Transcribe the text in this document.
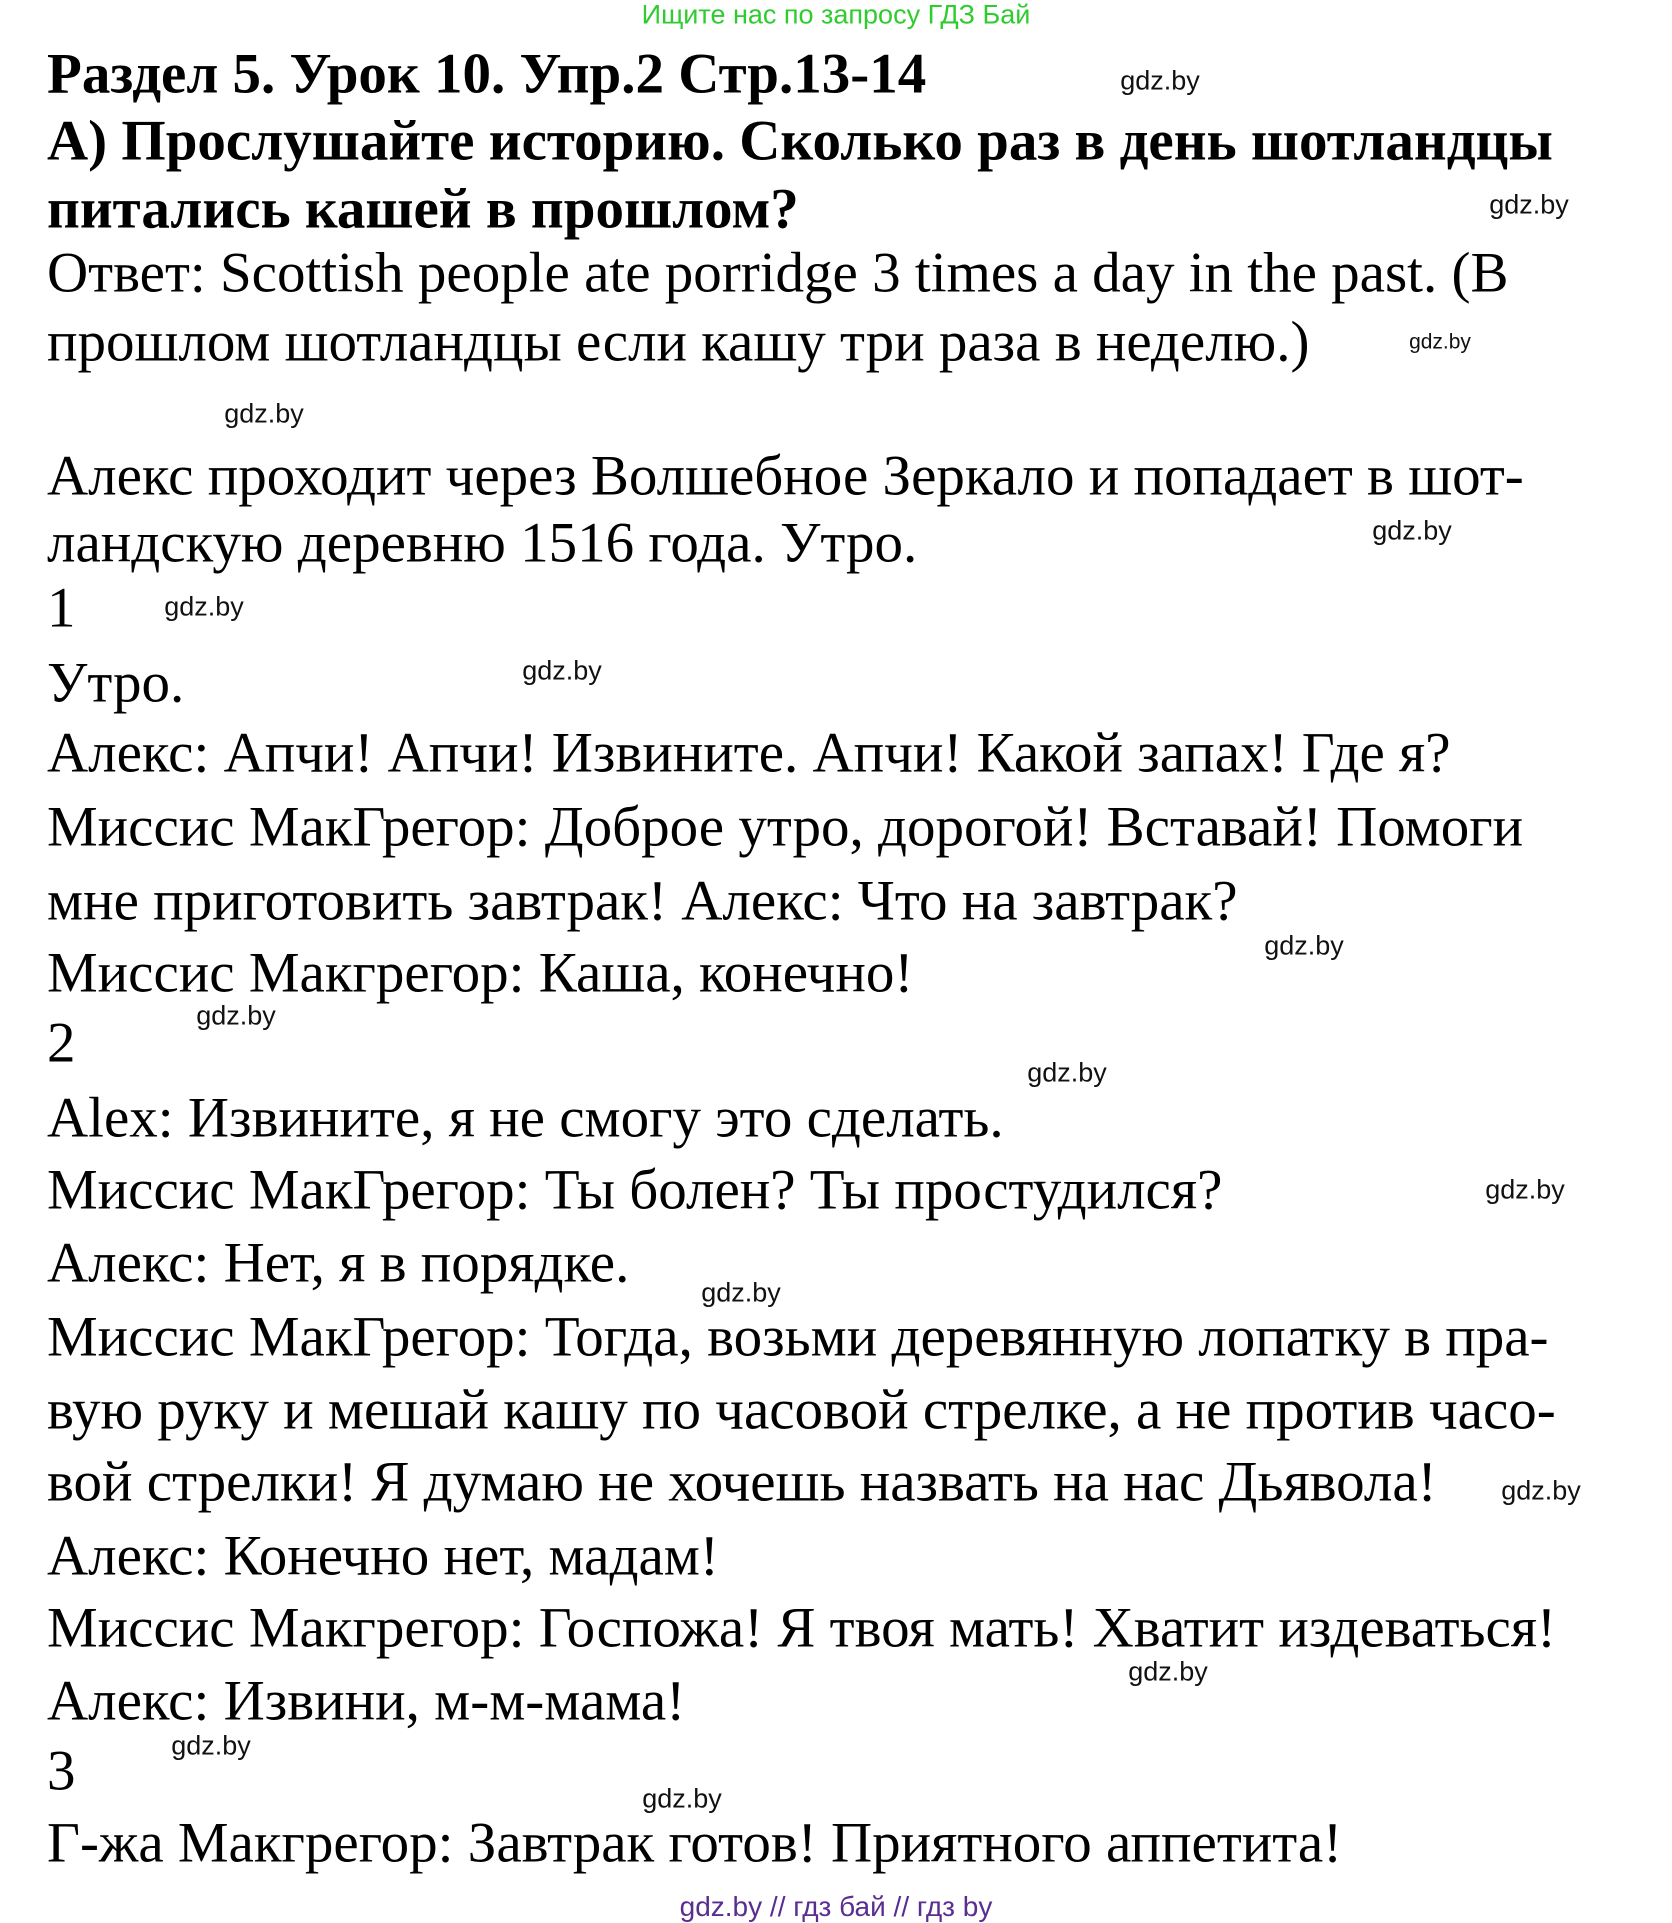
Ищите нас по запросу ГДЗ Бай
Раздел 5. Урок 10. Упр.2 Стр.13-14
А) Прослушайте историю. Сколько раз в день шотландцы
питались кашей в прошлом?
Ответ: Scottish people ate porridge 3 times a day in the past. (В
прошлом шотландцы если кашу три раза в неделю.)
Алекс проходит через Волшебное Зеркало и попадает в шот-
ландскую деревню 1516 года. Утро.
1
Утро.
Алекс: Апчи! Апчи! Извините. Апчи! Какой запах! Где я?
Миссис МакГрегор: Доброе утро, дорогой! Вставай! Помоги
мне приготовить завтрак! Алекс: Что на завтрак?
Миссис Макгрегор: Каша, конечно!
2
Alex: Извините, я не смогу это сделать.
Миссис МакГрегор: Ты болен? Ты простудился?
Алекс: Нет, я в порядке.
Миссис МакГрегор: Тогда, возьми деревянную лопатку в пра-
вую руку и мешай кашу по часовой стрелке, а не против часо-
вой стрелки! Я думаю не хочешь назвать на нас Дьявола!
Алекс: Конечно нет, мадам!
Миссис Макгрегор: Госпожа! Я твоя мать! Хватит издеваться!
Алекс: Извини, м-м-мама!
3
Г-жа Макгрегор: Завтрак готов! Приятного аппетита!
gdz.by
gdz.by
gdz.by
gdz.by
gdz.by
gdz.by
gdz.by
gdz.by
gdz.by
gdz.by
gdz.by
gdz.by
gdz.by
gdz.by
gdz.by
gdz.by
gdz.by // гдз бай // гдз by
